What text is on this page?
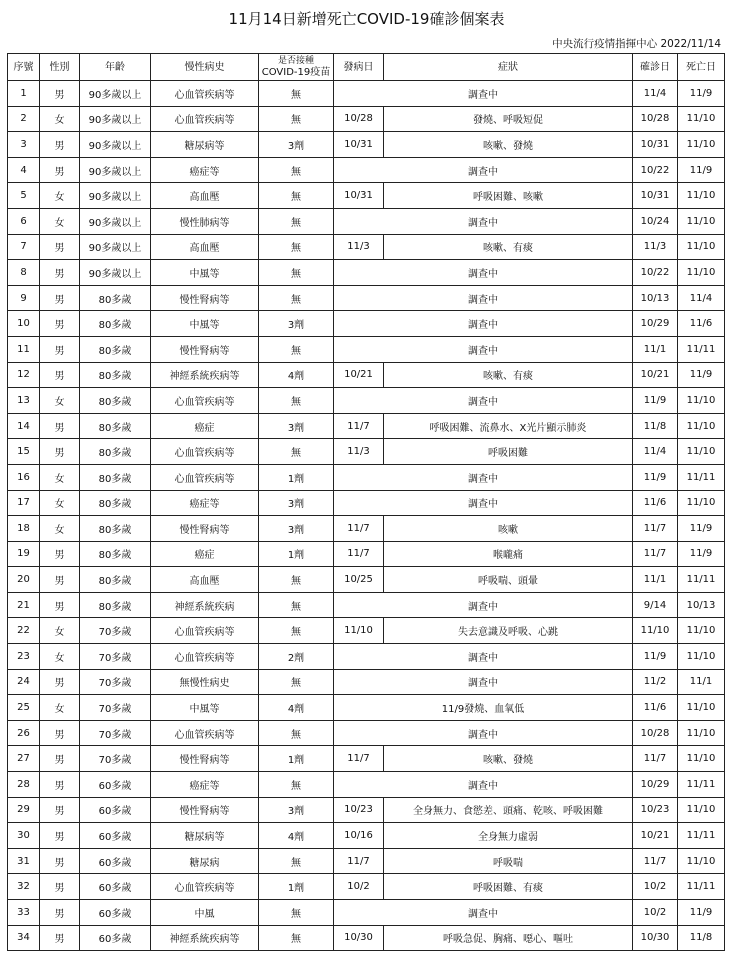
11月14日新增死亡COVID-19確診個案表
中央流行疫情指揮中心 2022/11/14
序號	性別	年齡	慢性病史	是否接種
COVID-19疫苗	發病日	症狀	確診日	死亡日
1	男	90多歲以上	心血管疾病等	無	調查中		11/4	11/9
2	女	90多歲以上	心血管疾病等	無	10/28	發燒、呼吸短促	10/28	11/10
3	男	90多歲以上	糖尿病等	3劑	10/31	咳嗽、發燒	10/31	11/10
4	男	90多歲以上	癌症等	無	調查中		10/22	11/9
5	女	90多歲以上	高血壓	無	10/31	呼吸困難、咳嗽	10/31	11/10
6	女	90多歲以上	慢性肺病等	無	調查中		10/24	11/10
7	男	90多歲以上	高血壓	無	11/3	咳嗽、有痰	11/3	11/10
8	男	90多歲以上	中風等	無	調查中		10/22	11/10
9	男	80多歲	慢性腎病等	無	調查中		10/13	11/4
10	男	80多歲	中風等	3劑	調查中		10/29	11/6
11	男	80多歲	慢性腎病等	無	調查中		11/1	11/11
12	男	80多歲	神經系統疾病等	4劑	10/21	咳嗽、有痰	10/21	11/9
13	女	80多歲	心血管疾病等	無	調查中		11/9	11/10
14	男	80多歲	癌症	3劑	11/7	呼吸困難、流鼻水、X光片顯示肺炎	11/8	11/10
15	男	80多歲	心血管疾病等	無	11/3	呼吸困難	11/4	11/10
16	女	80多歲	心血管疾病等	1劑	調查中		11/9	11/11
17	女	80多歲	癌症等	3劑	調查中		11/6	11/10
18	女	80多歲	慢性腎病等	3劑	11/7	咳嗽	11/7	11/9
19	男	80多歲	癌症	1劑	11/7	喉嚨痛	11/7	11/9
20	男	80多歲	高血壓	無	10/25	呼吸喘、頭暈	11/1	11/11
21	男	80多歲	神經系統疾病	無	調查中		9/14	10/13
22	女	70多歲	心血管疾病等	無	11/10	失去意識及呼吸、心跳	11/10	11/10
23	女	70多歲	心血管疾病等	2劑	調查中		11/9	11/10
24	男	70多歲	無慢性病史	無	調查中		11/2	11/1
25	女	70多歲	中風等	4劑	11/9發燒、血氧低		11/6	11/10
26	男	70多歲	心血管疾病等	無	調查中		10/28	11/10
27	男	70多歲	慢性腎病等	1劑	11/7	咳嗽、發燒	11/7	11/10
28	男	60多歲	癌症等	無	調查中		10/29	11/11
29	男	60多歲	慢性腎病等	3劑	10/23	全身無力、食慾差、頭痛、乾咳、呼吸困難	10/23	11/10
30	男	60多歲	糖尿病等	4劑	10/16	全身無力虛弱	10/21	11/11
31	男	60多歲	糖尿病	無	11/7	呼吸喘	11/7	11/10
32	男	60多歲	心血管疾病等	1劑	10/2	呼吸困難、有痰	10/2	11/11
33	男	60多歲	中風	無	調查中		10/2	11/9
34	男	60多歲	神經系統疾病等	無	10/30	呼吸急促、胸痛、噁心、嘔吐	10/30	11/8
